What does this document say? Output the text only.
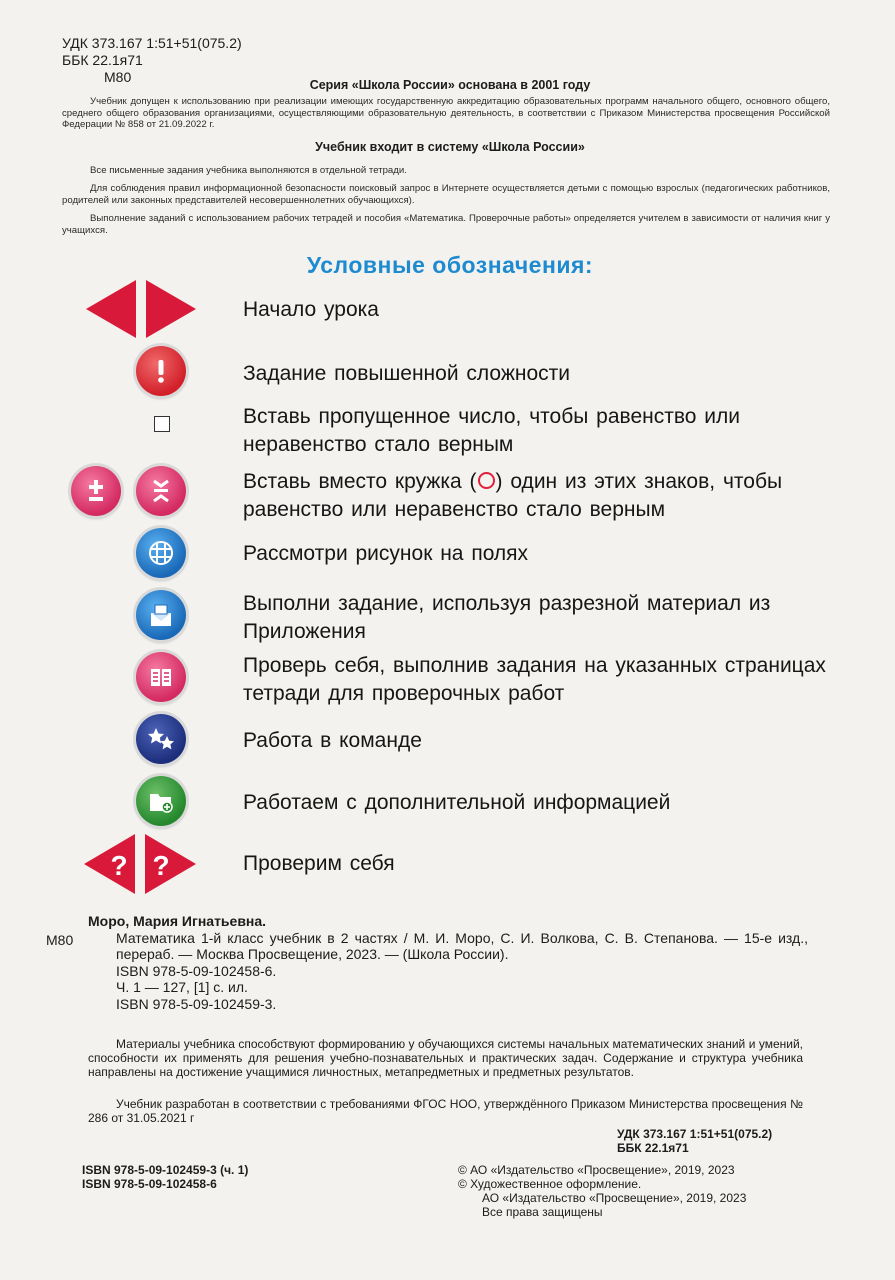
УДК 373.167 1:51+51(075.2)
ББК 22.1я71
М80	Серия «Школа России» основана в 2001 году
Учебник допущен к использованию при реализации имеющих государственную аккредитацию образовательных программ начального общего, основного общего, среднего общего образования организациями, осуществляющими образовательную деятельность, в соответствии с Приказом Министерства просвещения Российской Федерации № 858 от 21.09.2022 г.
Учебник входит в систему «Школа России»
Все письменные задания учебника выполняются в отдельной тетради.
Для соблюдения правил информационной безопасности поисковый запрос в Интернете осуществляется детьми с помощью взрослых (педагогических работников, родителей или законных представителей несовершеннолетних обучающихся).
Выполнение заданий с использованием рабочих тетрадей и пособия «Математика. Проверочные работы» определяется учителем в зависимости от наличия книг у учащихся.
Условные обозначения:
Начало урока
Задание повышенной сложности
Вставь пропущенное число, чтобы равенство или неравенство стало верным
Вставь вместо кружка ( ) один из этих знаков, чтобы равенство или неравенство стало верным
Рассмотри рисунок на полях
Выполни задание, используя разрезной материал из Приложения
Проверь себя, выполнив задания на указанных страницах тетради для проверочных работ
Работа в команде
Работаем с дополнительной информацией
? ?	Проверим себя
Моро, Мария Игнатьевна.
М80	Математика 1-й класс учебник в 2 частях / М. И. Моро, С. И. Волкова, С. В. Степанова. — 15-е изд., перераб. — Москва Просвещение, 2023. — (Школа России).
ISBN 978-5-09-102458-6.
Ч. 1 — 127, [1] с. ил.
ISBN 978-5-09-102459-3.
Материалы учебника способствуют формированию у обучающихся системы начальных математических знаний и умений, способности их применять для решения учебно-познавательных и практических задач. Содержание и структура учебника направлены на достижение учащимися личностных, метапредметных и предметных результатов.
Учебник разработан в соответствии с требованиями ФГОС НОО, утверждённого Приказом Министерства просвещения № 286 от 31.05.2021 г
УДК 373.167 1:51+51(075.2)
ББК 22.1я71
ISBN 978-5-09-102459-3 (ч. 1)
ISBN 978-5-09-102458-6
© АО «Издательство «Просвещение», 2019, 2023
© Художественное оформление.
АО «Издательство «Просвещение», 2019, 2023
Все права защищены
